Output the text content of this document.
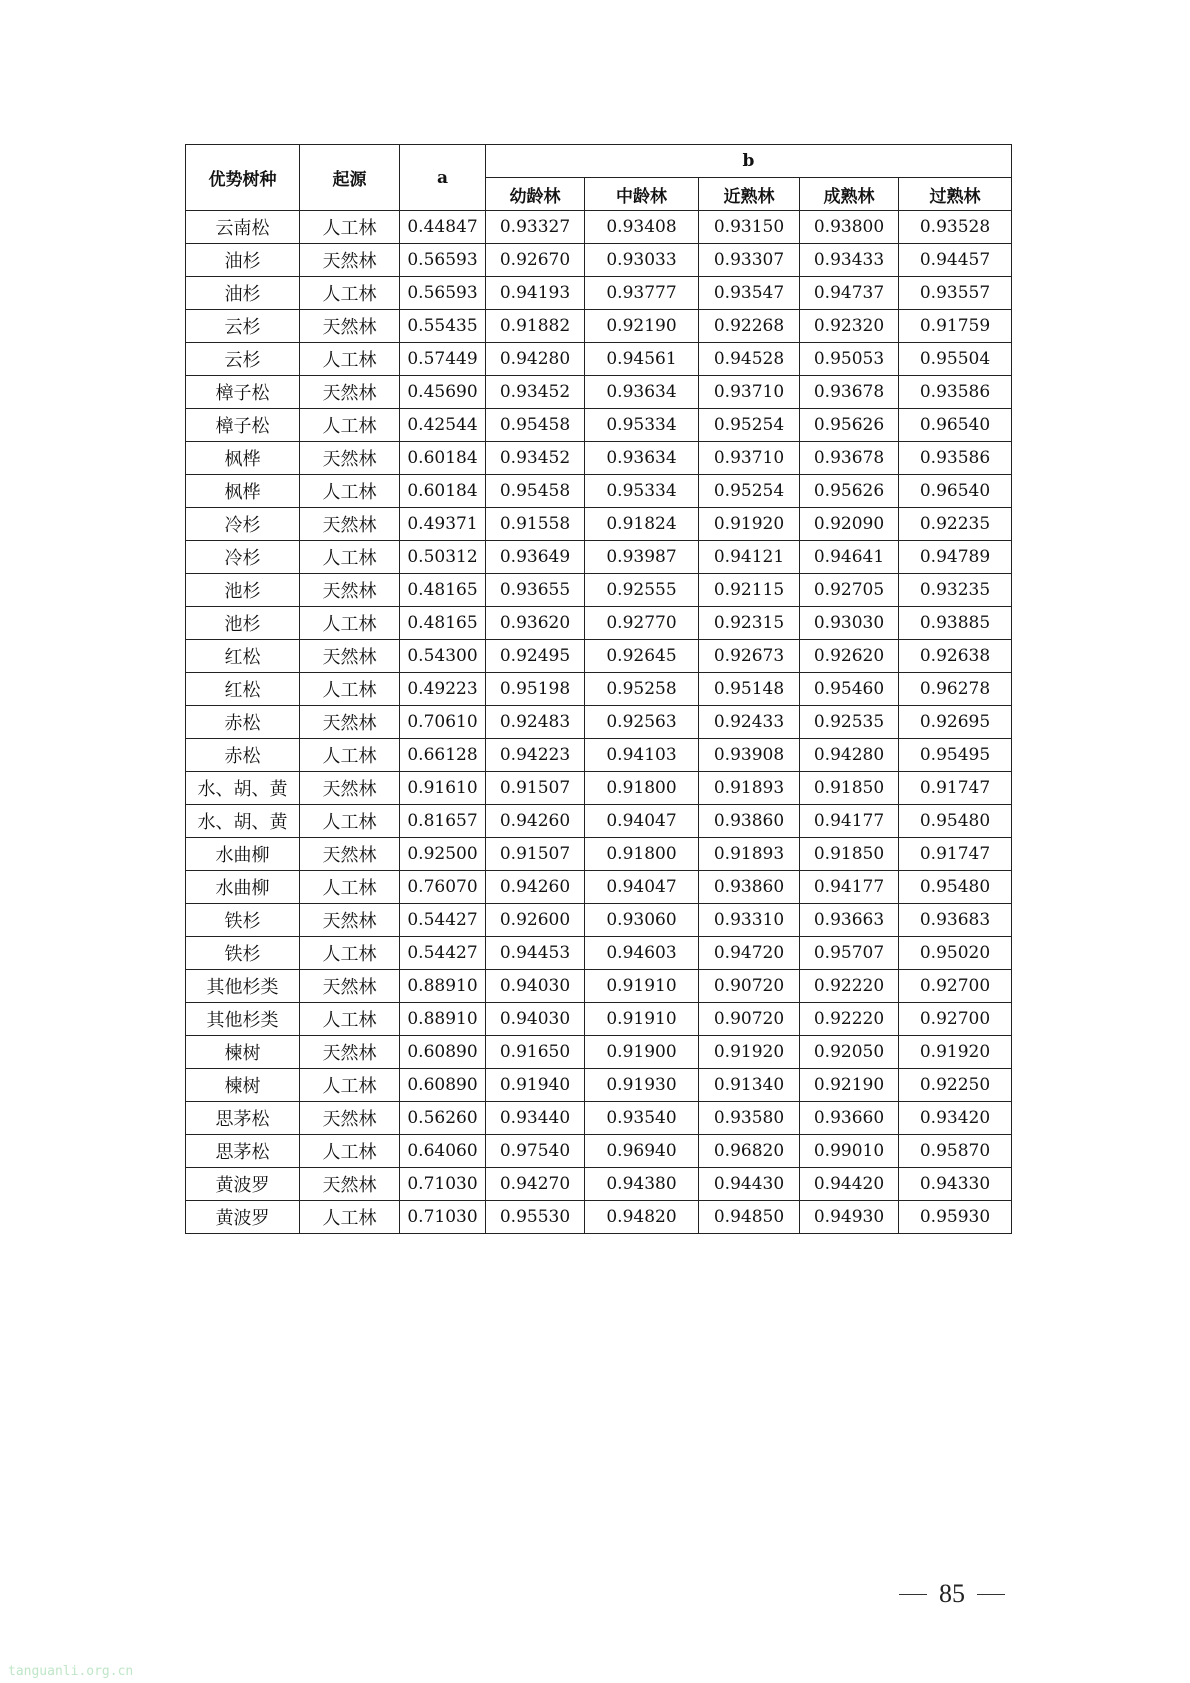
优势树种	起源	a	b				
			幼龄林	中龄林	近熟林	成熟林	过熟林
云南松	人工林	0.44847	0.93327	0.93408	0.93150	0.93800	0.93528
油杉	天然林	0.56593	0.92670	0.93033	0.93307	0.93433	0.94457
油杉	人工林	0.56593	0.94193	0.93777	0.93547	0.94737	0.93557
云杉	天然林	0.55435	0.91882	0.92190	0.92268	0.92320	0.91759
云杉	人工林	0.57449	0.94280	0.94561	0.94528	0.95053	0.95504
樟子松	天然林	0.45690	0.93452	0.93634	0.93710	0.93678	0.93586
樟子松	人工林	0.42544	0.95458	0.95334	0.95254	0.95626	0.96540
枫桦	天然林	0.60184	0.93452	0.93634	0.93710	0.93678	0.93586
枫桦	人工林	0.60184	0.95458	0.95334	0.95254	0.95626	0.96540
冷杉	天然林	0.49371	0.91558	0.91824	0.91920	0.92090	0.92235
冷杉	人工林	0.50312	0.93649	0.93987	0.94121	0.94641	0.94789
池杉	天然林	0.48165	0.93655	0.92555	0.92115	0.92705	0.93235
池杉	人工林	0.48165	0.93620	0.92770	0.92315	0.93030	0.93885
红松	天然林	0.54300	0.92495	0.92645	0.92673	0.92620	0.92638
红松	人工林	0.49223	0.95198	0.95258	0.95148	0.95460	0.96278
赤松	天然林	0.70610	0.92483	0.92563	0.92433	0.92535	0.92695
赤松	人工林	0.66128	0.94223	0.94103	0.93908	0.94280	0.95495
水、胡、黄	天然林	0.91610	0.91507	0.91800	0.91893	0.91850	0.91747
水、胡、黄	人工林	0.81657	0.94260	0.94047	0.93860	0.94177	0.95480
水曲柳	天然林	0.92500	0.91507	0.91800	0.91893	0.91850	0.91747
水曲柳	人工林	0.76070	0.94260	0.94047	0.93860	0.94177	0.95480
铁杉	天然林	0.54427	0.92600	0.93060	0.93310	0.93663	0.93683
铁杉	人工林	0.54427	0.94453	0.94603	0.94720	0.95707	0.95020
其他杉类	天然林	0.88910	0.94030	0.91910	0.90720	0.92220	0.92700
其他杉类	人工林	0.88910	0.94030	0.91910	0.90720	0.92220	0.92700
楝树	天然林	0.60890	0.91650	0.91900	0.91920	0.92050	0.91920
楝树	人工林	0.60890	0.91940	0.91930	0.91340	0.92190	0.92250
思茅松	天然林	0.56260	0.93440	0.93540	0.93580	0.93660	0.93420
思茅松	人工林	0.64060	0.97540	0.96940	0.96820	0.99010	0.95870
黄波罗	天然林	0.71030	0.94270	0.94380	0.94430	0.94420	0.94330
黄波罗	人工林	0.71030	0.95530	0.94820	0.94850	0.94930	0.95930
85
tanguanli.org.cn
